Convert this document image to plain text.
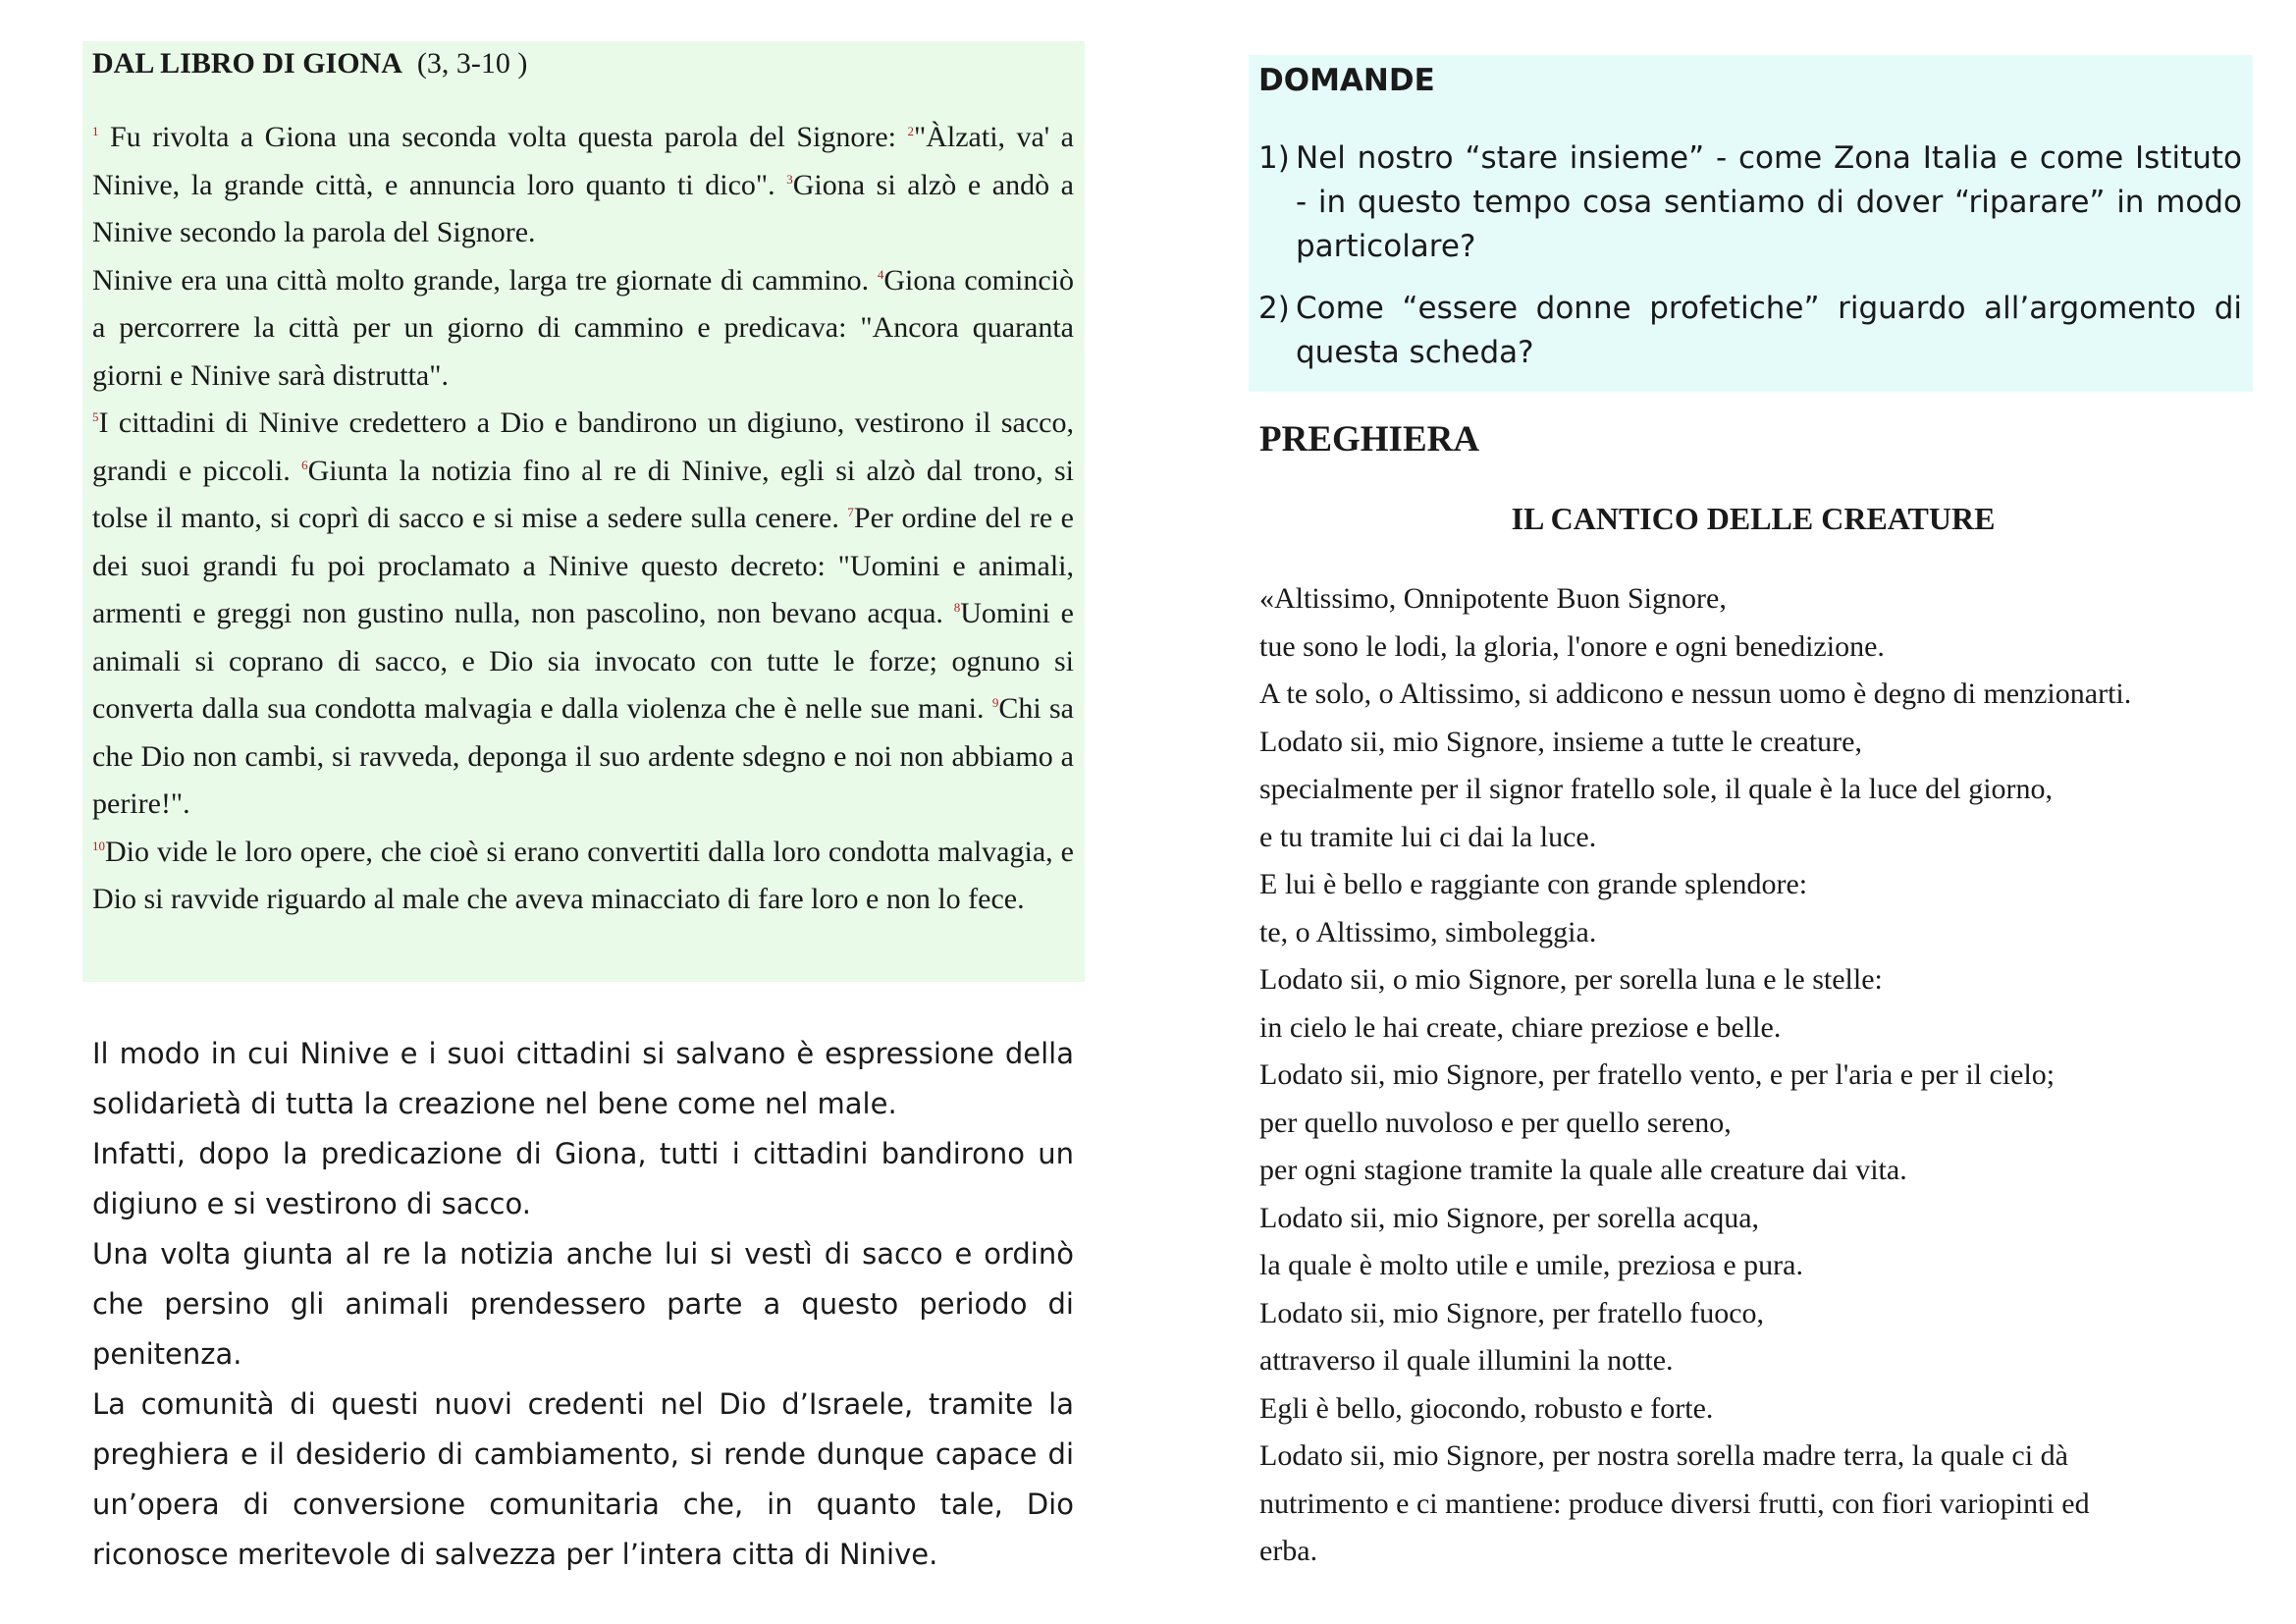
DAL LIBRO DI GIONA (3, 3-10 )
$^1$ Fu rivolta a Giona una seconda volta questa parola del Signore: $^2$"Àlzati, va' a Ninive, la grande città, e annuncia loro quanto ti dico". $^3$Giona si alzò e andò a Ninive secondo la parola del Signore.
Ninive era una città molto grande, larga tre giornate di cammino. $^4$Giona cominciò a percorrere la città per un giorno di cammino e predicava: "Ancora quaranta giorni e Ninive sarà distrutta".
$^5$I cittadini di Ninive credettero a Dio e bandirono un digiuno, vestirono il sacco, grandi e piccoli. $^6$Giunta la notizia fino al re di Ninive, egli si alzò dal trono, si tolse il manto, si coprì di sacco e si mise a sedere sulla cenere. $^7$Per ordine del re e dei suoi grandi fu poi proclamato a Ninive questo decreto: "Uomini e animali, armenti e greggi non gustino nulla, non pascolino, non bevano acqua. $^8$Uomini e animali si coprano di sacco, e Dio sia invocato con tutte le forze; ognuno si converta dalla sua condotta malvagia e dalla violenza che è nelle sue mani. $^9$Chi sa che Dio non cambi, si ravveda, deponga il suo ardente sdegno e noi non abbiamo a perire!".
$^{10}$Dio vide le loro opere, che cioè si erano convertiti dalla loro condotta malvagia, e Dio si ravvide riguardo al male che aveva minacciato di fare loro e non lo fece.

Il modo in cui Ninive e i suoi cittadini si salvano è espressione della solidarietà di tutta la creazione nel bene come nel male.

Infatti, dopo la predicazione di Giona, tutti i cittadini bandirono un digiuno e si vestirono di sacco.

Una volta giunta al re la notizia anche lui si vestì di sacco e ordinò che persino gli animali prendessero parte a questo periodo di penitenza.

La comunità di questi nuovi credenti nel Dio d’Israele, tramite la preghiera e il desiderio di cambiamento, si rende dunque capace di un’opera di conversione comunitaria che, in quanto tale, Dio riconosce meritevole di salvezza per l’intera citta di Ninive.

DOMANDE
1) Nel nostro “stare insieme” - come Zona Italia e come Istituto - in questo tempo cosa sentiamo di dover “riparare” in modo particolare?
2) Come “essere donne profetiche” riguardo all’argomento di questa scheda?
PREGHIERA
IL CANTICO DELLE CREATURE
«Altissimo, Onnipotente Buon Signore,
tue sono le lodi, la gloria, l'onore e ogni benedizione.
A te solo, o Altissimo, si addicono e nessun uomo è degno di menzionarti.
Lodato sii, mio Signore, insieme a tutte le creature,
specialmente per il signor fratello sole, il quale è la luce del giorno,
e tu tramite lui ci dai la luce.
E lui è bello e raggiante con grande splendore:
te, o Altissimo, simboleggia.
Lodato sii, o mio Signore, per sorella luna e le stelle:
in cielo le hai create, chiare preziose e belle.
Lodato sii, mio Signore, per fratello vento, e per l'aria e per il cielo;
per quello nuvoloso e per quello sereno,
per ogni stagione tramite la quale alle creature dai vita.
Lodato sii, mio Signore, per sorella acqua,
la quale è molto utile e umile, preziosa e pura.
Lodato sii, mio Signore, per fratello fuoco,
attraverso il quale illumini la notte.
Egli è bello, giocondo, robusto e forte.
Lodato sii, mio Signore, per nostra sorella madre terra, la quale ci dà
nutrimento e ci mantiene: produce diversi frutti, con fiori variopinti ed
erba.
